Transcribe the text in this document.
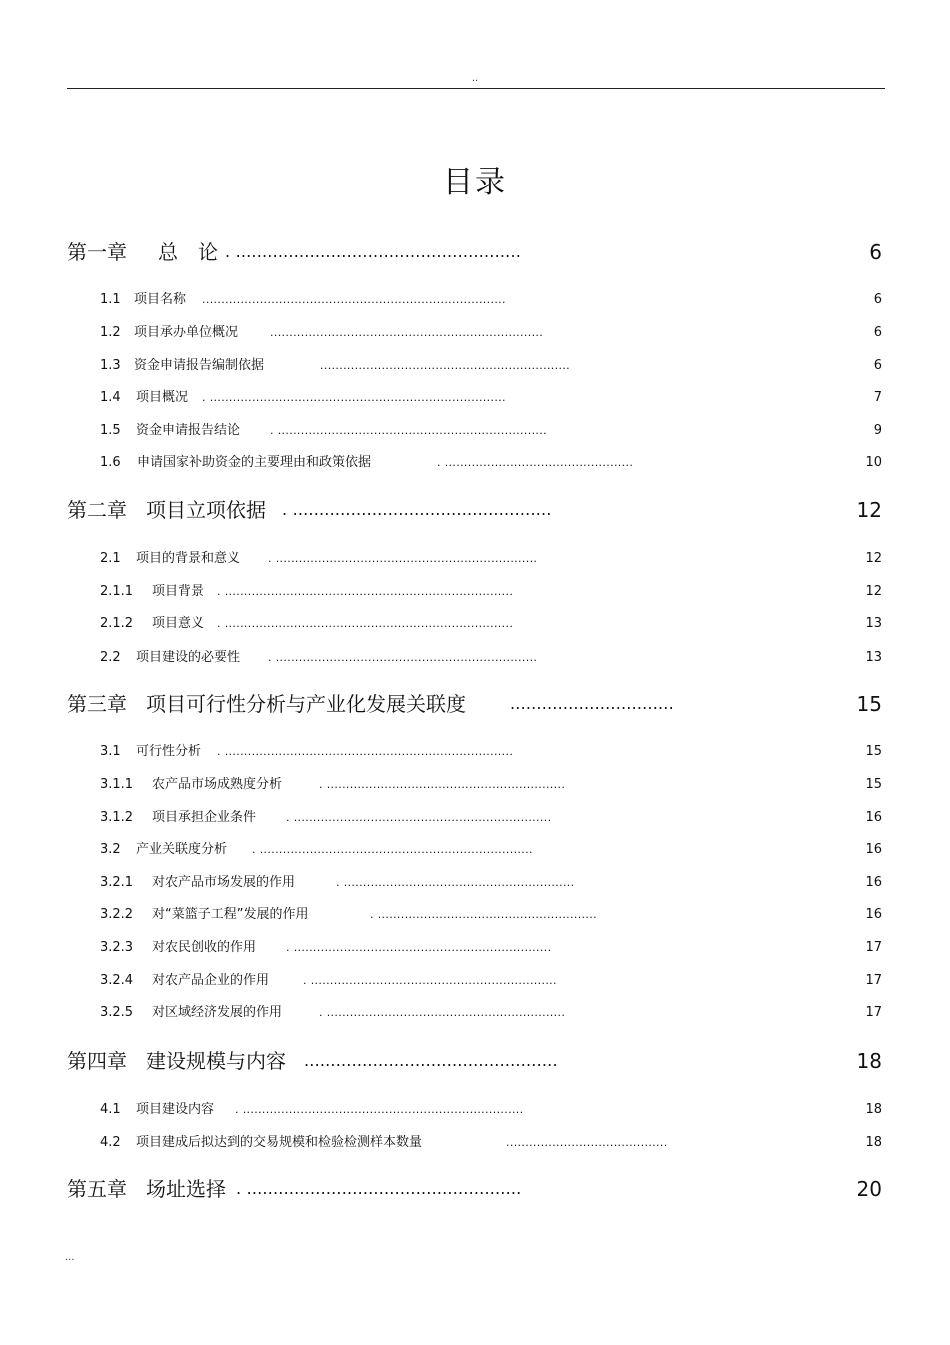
..
目录
第一章 总　论 . ......................................................	6
1.1 项目名称 ...............................................................................	6
1.2 项目承办单位概况	.......................................................................	6
1.3 资金申请报告编制依据	.................................................................	6
1.4 项目概况 . .............................................................................	7
1.5 资金申请报告结论	. ......................................................................	9
1.6 申请国家补助资金的主要理由和政策依据	. .................................................	10
第二章 项目立项依据 . .................................................	12
2.1 项目的背景和意义	. ....................................................................	12
2.1.1 项目背景 . ...........................................................................	12
2.1.2 项目意义 . ...........................................................................	13
2.2 项目建设的必要性	. ....................................................................	13
第三章 项目可行性分析与产业化发展关联度	...............................	15
3.1 可行性分析 . ...........................................................................	15
3.1.1 农产品市场成熟度分析	. ..............................................................	15
3.1.2 项目承担企业条件	. ...................................................................	16
3.2 产业关联度分析 . .......................................................................	16
3.2.1 对农产品市场发展的作用	. ............................................................	16
3.2.2 对“菜篮子工程”发展的作用	. .........................................................	16
3.2.3 对农民创收的作用	. ...................................................................	17
3.2.4 对农产品企业的作用	. ................................................................	17
3.2.5 对区域经济发展的作用	. ..............................................................	17
第四章 建设规模与内容 ................................................	18
4.1 项目建设内容 . .........................................................................	18
4.2 项目建成后拟达到的交易规模和检验检测样本数量	..........................................	18
第五章 场址选择 . ....................................................	20
...
